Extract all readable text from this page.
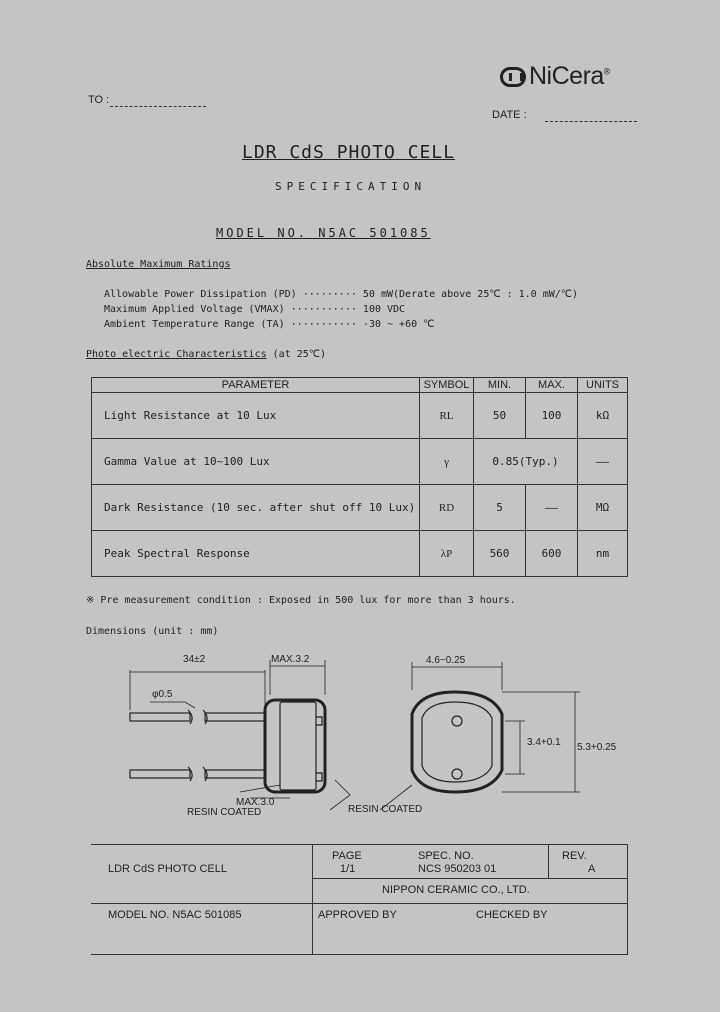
NiCera®
TO :
DATE :
LDR CdS PHOTO CELL
SPECIFICATION
MODEL NO. N5AC 501085
Absolute Maximum Ratings
Allowable Power Dissipation (PD) ········· 50 mW(Derate above 25℃ : 1.0 mW/℃)
Maximum Applied Voltage (VMAX) ··········· 100 VDC
Ambient Temperature Range (TA) ··········· -30 ~ +60 ℃
Photo electric Characteristics (at 25℃)
PARAMETER	SYMBOL	MIN.	MAX.	UNITS
Light Resistance at 10 Lux	RL	50	100	kΩ
Gamma Value at 10~100 Lux	γ	0.85(Typ.)		——
Dark Resistance (10 sec. after shut off 10 Lux)	RD	5	——	MΩ
Peak Spectral Response	λP	560	600	nm
※ Pre measurement condition : Exposed in 500 lux for more than 3 hours.
Dimensions (unit : mm)
34±2	MAX.3.2
φ0.5
MAX.3.0
RESIN COATED
4.6~0.25
3.4+0.1 5.3+0.25
RESIN COATED
LDR CdS PHOTO CELL
PAGE
1/1
SPEC. NO.
NCS 950203 01
REV.
A
NIPPON CERAMIC CO., LTD.
MODEL NO. N5AC 501085	APPROVED BY	CHECKED BY
